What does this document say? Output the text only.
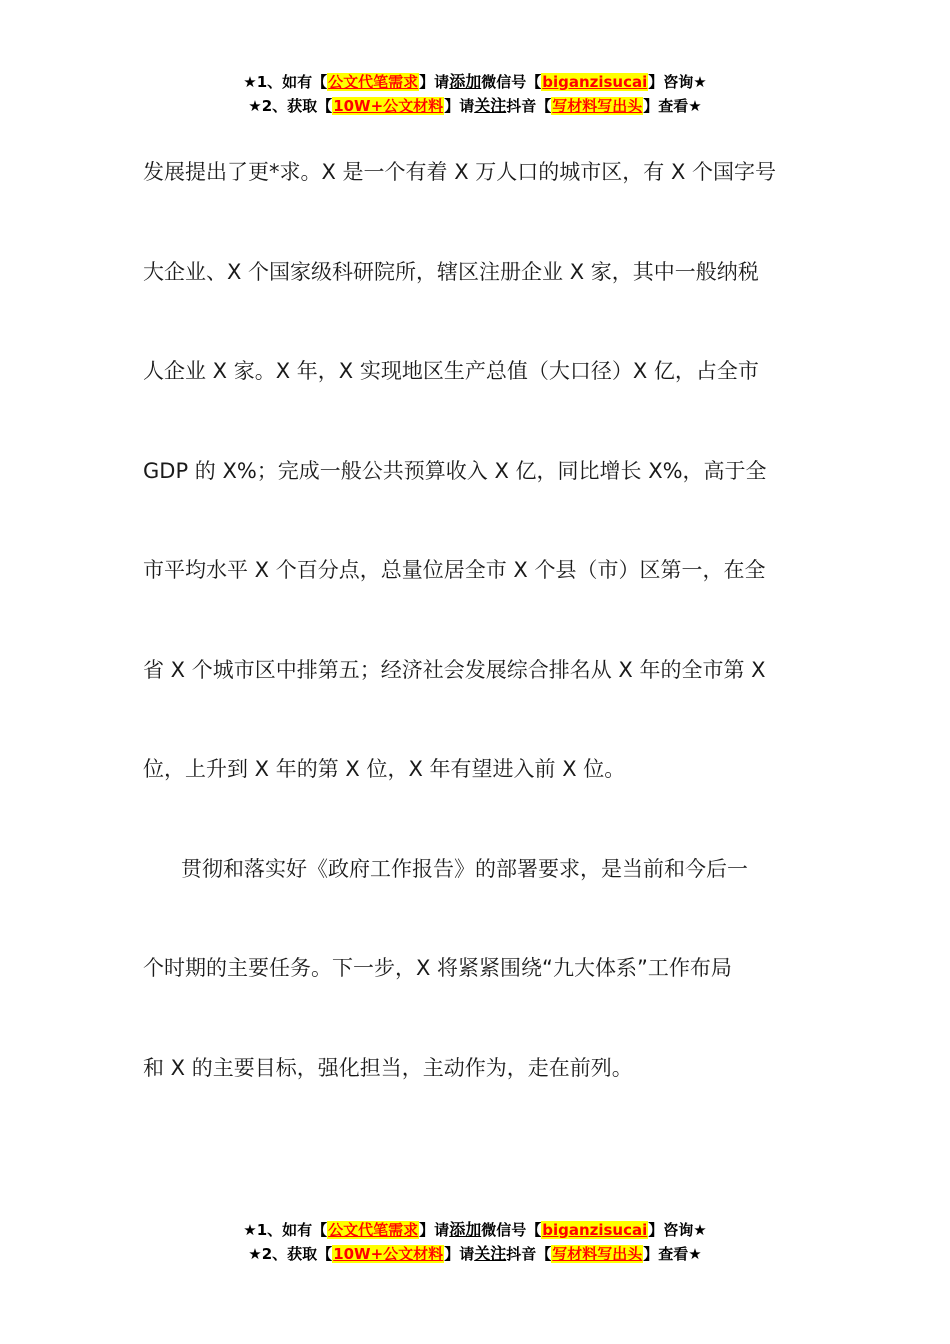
★1、如有【公文代笔需求】请添加微信号【biganzisucai】咨询★
★2、获取【10W+公文材料】请关注抖音【写材料写出头】查看★
发展提出了更*求。X 是一个有着 X 万人口的城市区，有 X 个国字号
大企业、X 个国家级科研院所，辖区注册企业 X 家，其中一般纳税
人企业 X 家。X 年，X 实现地区生产总值（大口径）X 亿，占全市
GDP 的 X%；完成一般公共预算收入 X 亿，同比增长 X%，高于全
市平均水平 X 个百分点，总量位居全市 X 个县（市）区第一，在全
省 X 个城市区中排第五；经济社会发展综合排名从 X 年的全市第 X
位，上升到 X 年的第 X 位，X 年有望进入前 X 位。
贯彻和落实好《政府工作报告》的部署要求，是当前和今后一
个时期的主要任务。下一步，X 将紧紧围绕“九大体系”工作布局
和 X 的主要目标，强化担当，主动作为，走在前列。
★1、如有【公文代笔需求】请添加微信号【biganzisucai】咨询★
★2、获取【10W+公文材料】请关注抖音【写材料写出头】查看★
